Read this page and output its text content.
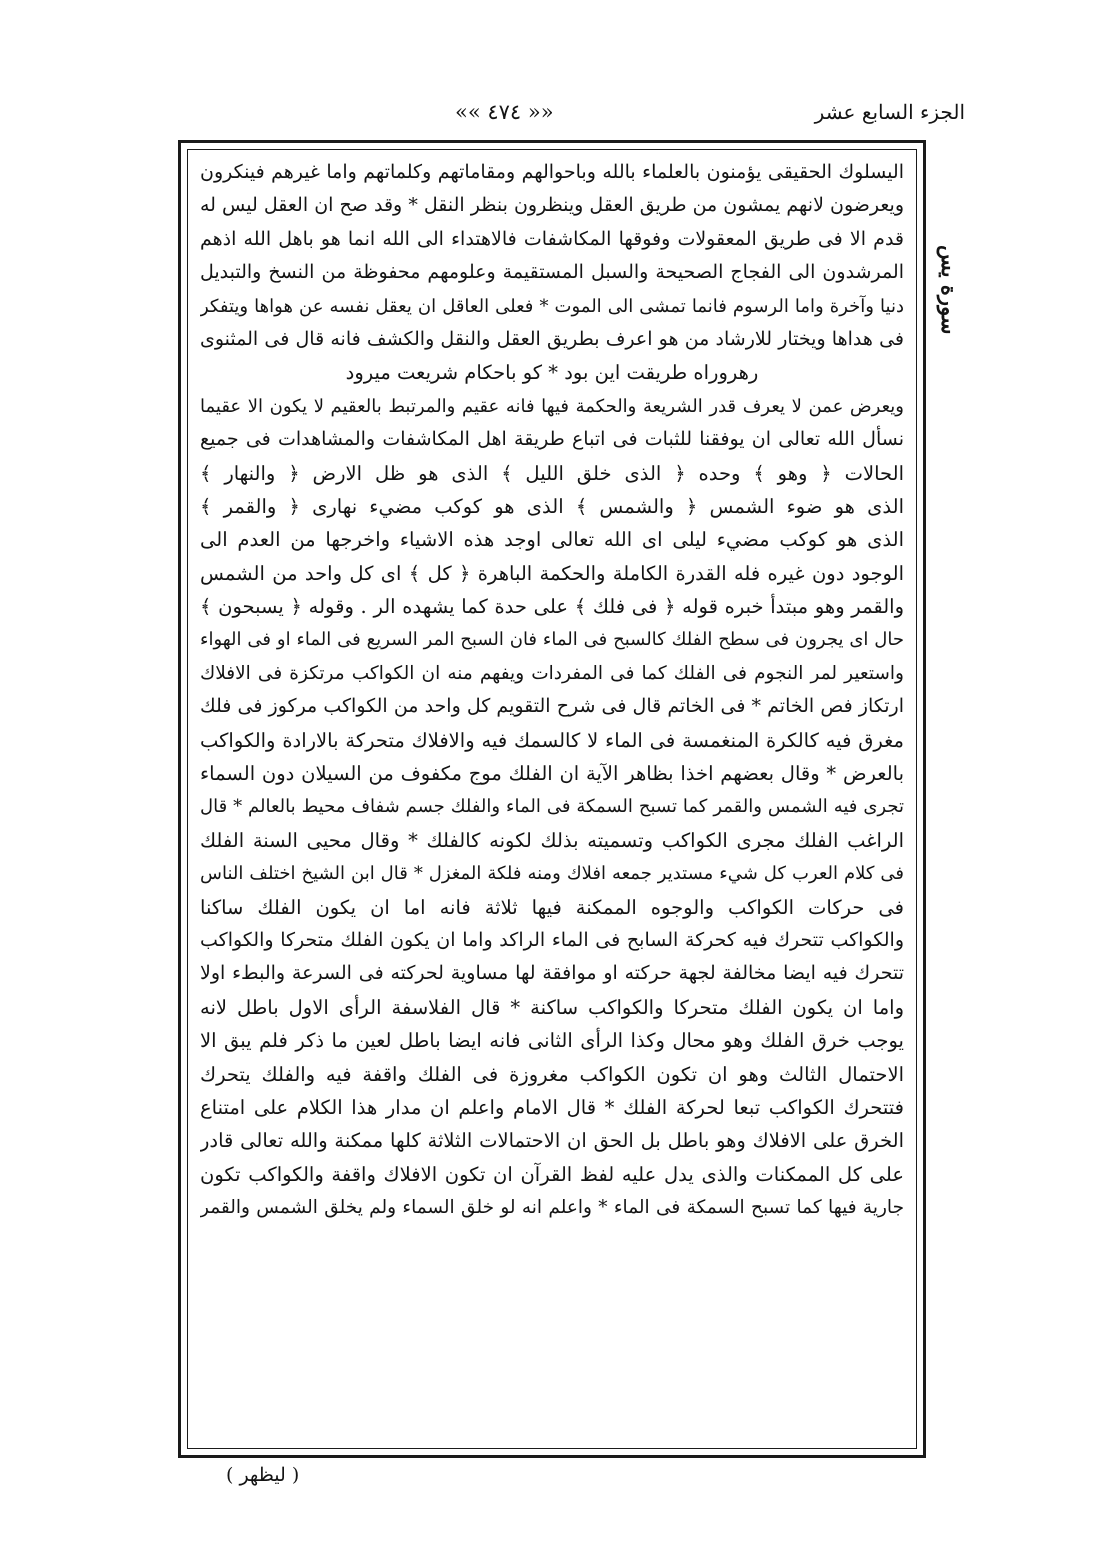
الجزء السابع عشر
«« ٤٧٤ »»
سورة يس
اليسلوك الحقيقى يؤمنون بالعلماء بالله وباحوالهم ومقاماتهم وكلماتهم واما غيرهم فينكرون
ويعرضون لانهم يمشون من طريق العقل وينظرون بنظر النقل * وقد صح ان العقل ليس له
قدم الا فى طريق المعقولات وفوقها المكاشفات فالاهتداء الى الله انما هو باهل الله اذهم
المرشدون الى الفجاج الصحيحة والسبل المستقيمة وعلومهم محفوظة من النسخ والتبديل
دنيا وآخرة واما الرسوم فانما تمشى الى الموت * فعلى العاقل ان يعقل نفسه عن هواها ويتفكر
فى هداها ويختار للارشاد من هو اعرف بطريق العقل والنقل والكشف فانه قال فى المثنوى
رهروراه طريقت اين بود * كو باحكام شريعت ميرود
ويعرض عمن لا يعرف قدر الشريعة والحكمة فيها فانه عقيم والمرتبط بالعقيم لا يكون الا عقيما
نسأل الله تعالى ان يوفقنا للثبات فى اتباع طريقة اهل المكاشفات والمشاهدات فى جميع
الحالات ﴿ وهو ﴾ وحده ﴿ الذى خلق الليل ﴾ الذى هو ظل الارض ﴿ والنهار ﴾
الذى هو ضوء الشمس ﴿ والشمس ﴾ الذى هو كوكب مضيء نهارى ﴿ والقمر ﴾
الذى هو كوكب مضيء ليلى اى الله تعالى اوجد هذه الاشياء واخرجها من العدم الى
الوجود دون غيره فله القدرة الكاملة والحكمة الباهرة ﴿ كل ﴾ اى كل واحد من الشمس
والقمر وهو مبتدأ خبره قوله ﴿ فى فلك ﴾ على حدة كما يشهده الر . وقوله ﴿ يسبحون ﴾
حال اى يجرون فى سطح الفلك كالسبح فى الماء فان السبح المر السريع فى الماء او فى الهواء
واستعير لمر النجوم فى الفلك كما فى المفردات ويفهم منه ان الكواكب مرتكزة فى الافلاك
ارتكاز فص الخاتم * فى الخاتم قال فى شرح التقويم كل واحد من الكواكب مركوز فى فلك
مغرق فيه كالكرة المنغمسة فى الماء لا كالسمك فيه والافلاك متحركة بالارادة والكواكب
بالعرض * وقال بعضهم اخذا بظاهر الآية ان الفلك موج مكفوف من السيلان دون السماء
تجرى فيه الشمس والقمر كما تسبح السمكة فى الماء والفلك جسم شفاف محيط بالعالم * قال
الراغب الفلك مجرى الكواكب وتسميته بذلك لكونه كالفلك * وقال محيى السنة الفلك
فى كلام العرب كل شيء مستدير جمعه افلاك ومنه فلكة المغزل * قال ابن الشيخ اختلف الناس
فى حركات الكواكب والوجوه الممكنة فيها ثلاثة فانه اما ان يكون الفلك ساكنا
والكواكب تتحرك فيه كحركة السابح فى الماء الراكد واما ان يكون الفلك متحركا والكواكب
تتحرك فيه ايضا مخالفة لجهة حركته او موافقة لها مساوية لحركته فى السرعة والبطء اولا
واما ان يكون الفلك متحركا والكواكب ساكنة * قال الفلاسفة الرأى الاول باطل لانه
يوجب خرق الفلك وهو محال وكذا الرأى الثانى فانه ايضا باطل لعين ما ذكر فلم يبق الا
الاحتمال الثالث وهو ان تكون الكواكب مغروزة فى الفلك واقفة فيه والفلك يتحرك
فتتحرك الكواكب تبعا لحركة الفلك * قال الامام واعلم ان مدار هذا الكلام على امتناع
الخرق على الافلاك وهو باطل بل الحق ان الاحتمالات الثلاثة كلها ممكنة والله تعالى قادر
على كل الممكنات والذى يدل عليه لفظ القرآن ان تكون الافلاك واقفة والكواكب تكون
جارية فيها كما تسبح السمكة فى الماء * واعلم انه لو خلق السماء ولم يخلق الشمس والقمر
( ليظهر )
